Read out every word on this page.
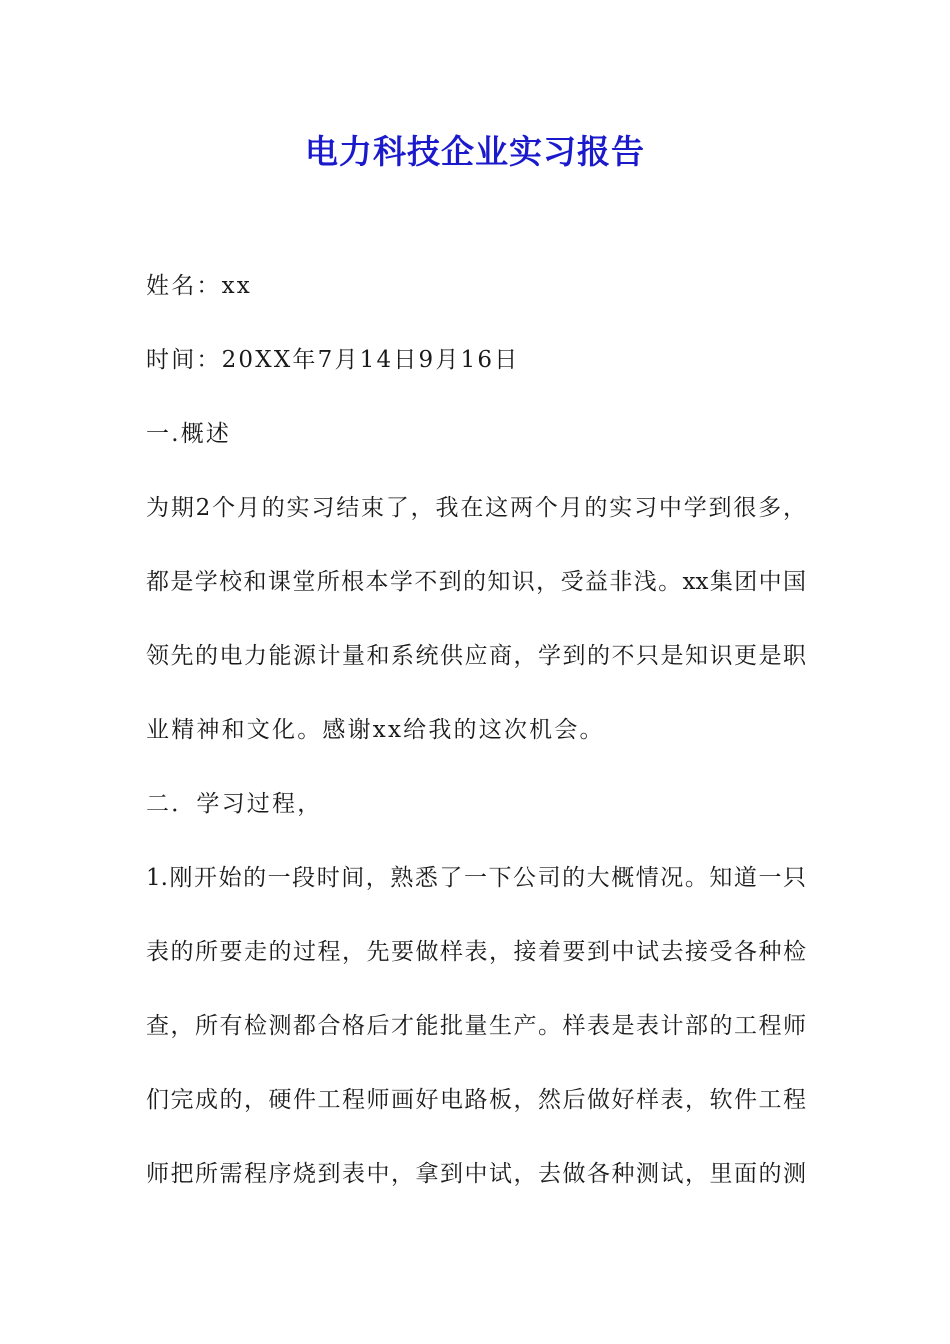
电力科技企业实习报告
姓名：xx
时间：20XX年7月14日9月16日
一.概述
为期2个月的实习结束了，我在这两个月的实习中学到很多，
都是学校和课堂所根本学不到的知识，受益非浅。xx集团中国
领先的电力能源计量和系统供应商，学到的不只是知识更是职
业精神和文化。感谢xx给我的这次机会。
二．学习过程，
1.刚开始的一段时间，熟悉了一下公司的大概情况。知道一只
表的所要走的过程，先要做样表，接着要到中试去接受各种检
查，所有检测都合格后才能批量生产。样表是表计部的工程师
们完成的，硬件工程师画好电路板，然后做好样表，软件工程
师把所需程序烧到表中，拿到中试，去做各种测试，里面的测
